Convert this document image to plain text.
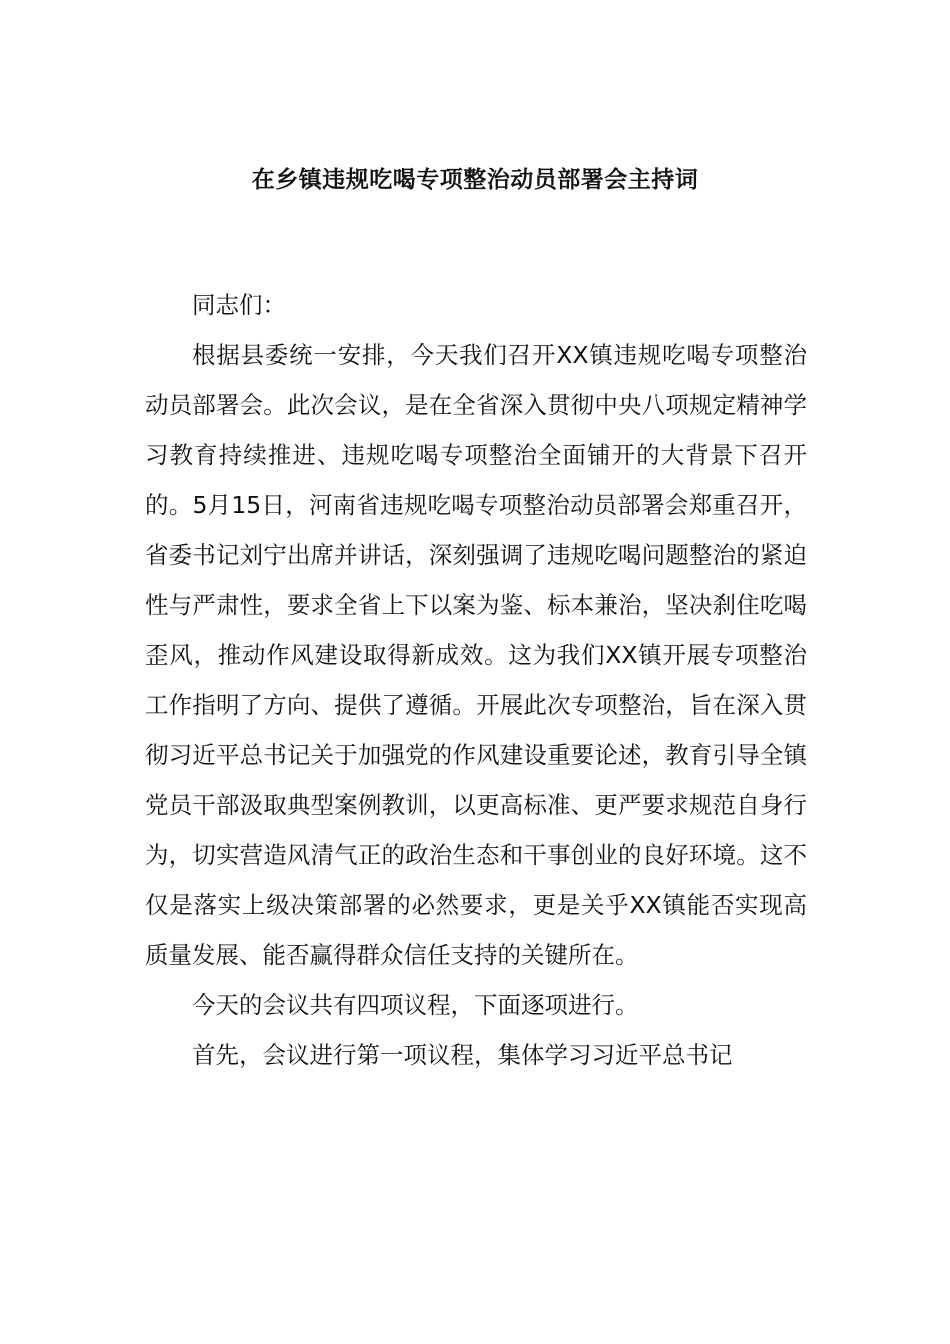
在乡镇违规吃喝专项整治动员部署会主持词

同志们：

根据县委统一安排，今天我们召开XX镇违规吃喝专项整治动员部署会。此次会议，是在全省深入贯彻中央八项规定精神学习教育持续推进、违规吃喝专项整治全面铺开的大背景下召开的。5月15日，河南省违规吃喝专项整治动员部署会郑重召开，省委书记刘宁出席并讲话，深刻强调了违规吃喝问题整治的紧迫性与严肃性，要求全省上下以案为鉴、标本兼治，坚决刹住吃喝歪风，推动作风建设取得新成效。这为我们XX镇开展专项整治工作指明了方向、提供了遵循。开展此次专项整治，旨在深入贯彻习近平总书记关于加强党的作风建设重要论述，教育引导全镇党员干部汲取典型案例教训，以更高标准、更严要求规范自身行为，切实营造风清气正的政治生态和干事创业的良好环境。这不仅是落实上级决策部署的必然要求，更是关乎XX镇能否实现高质量发展、能否赢得群众信任支持的关键所在。

今天的会议共有四项议程，下面逐项进行。

首先，会议进行第一项议程，集体学习习近平总书记
